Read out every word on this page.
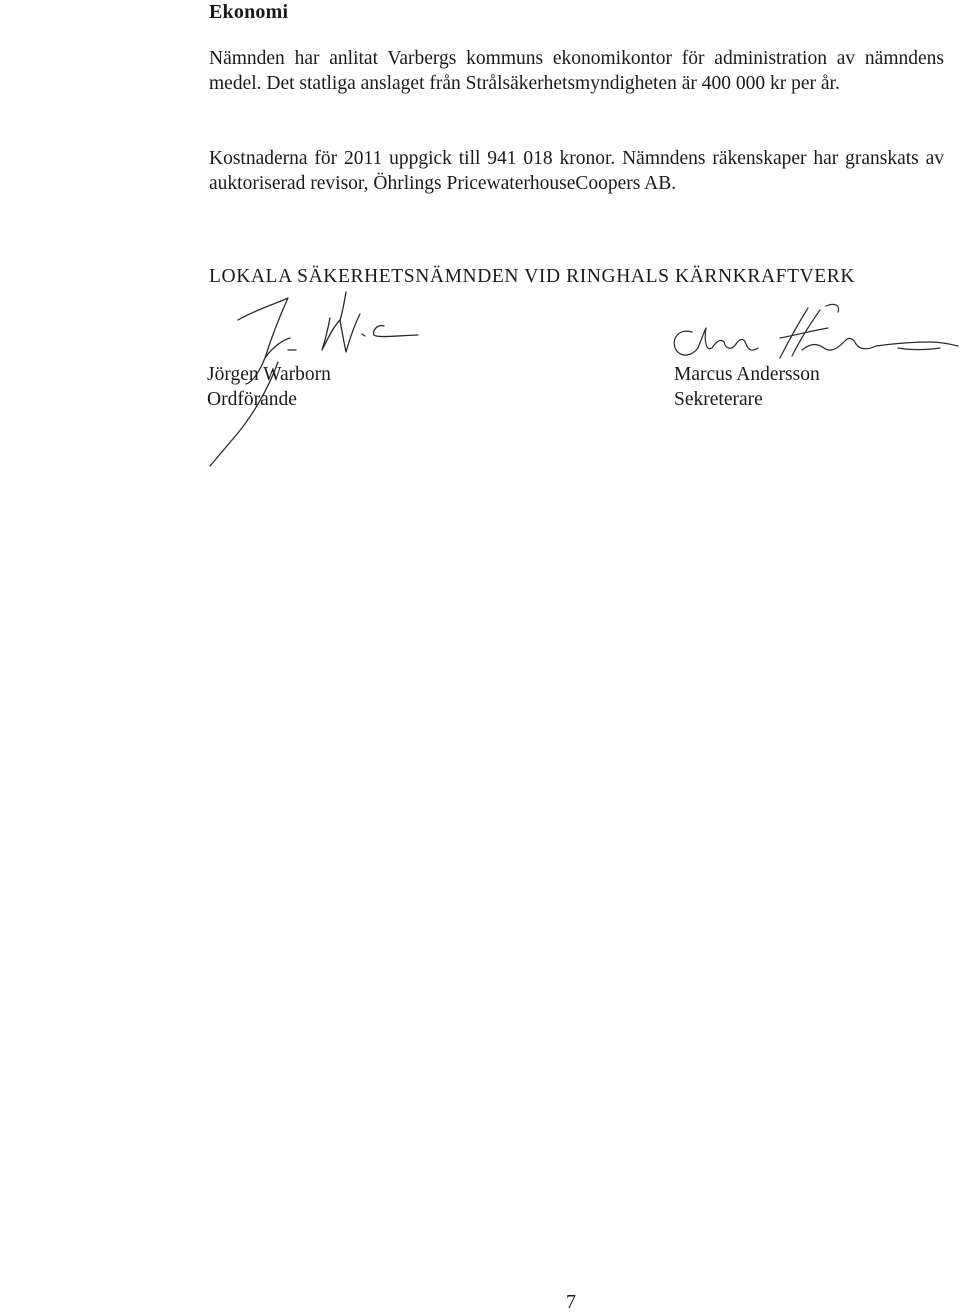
Ekonomi

Nämnden har anlitat Varbergs kommuns ekonomikontor för administration av nämndens medel. Det statliga anslaget från Strålsäkerhetsmyndigheten är 400 000 kr per år.

Kostnaderna för 2011 uppgick till 941 018 kronor. Nämndens räkenskaper har granskats av auktoriserad revisor, Öhrlings PricewaterhouseCoopers AB.

LOKALA SÄKERHETSNÄMNDEN VID RINGHALS KÄRNKRAFTVERK
Jörgen Warborn
Ordförande
Marcus Andersson
Sekreterare
7
